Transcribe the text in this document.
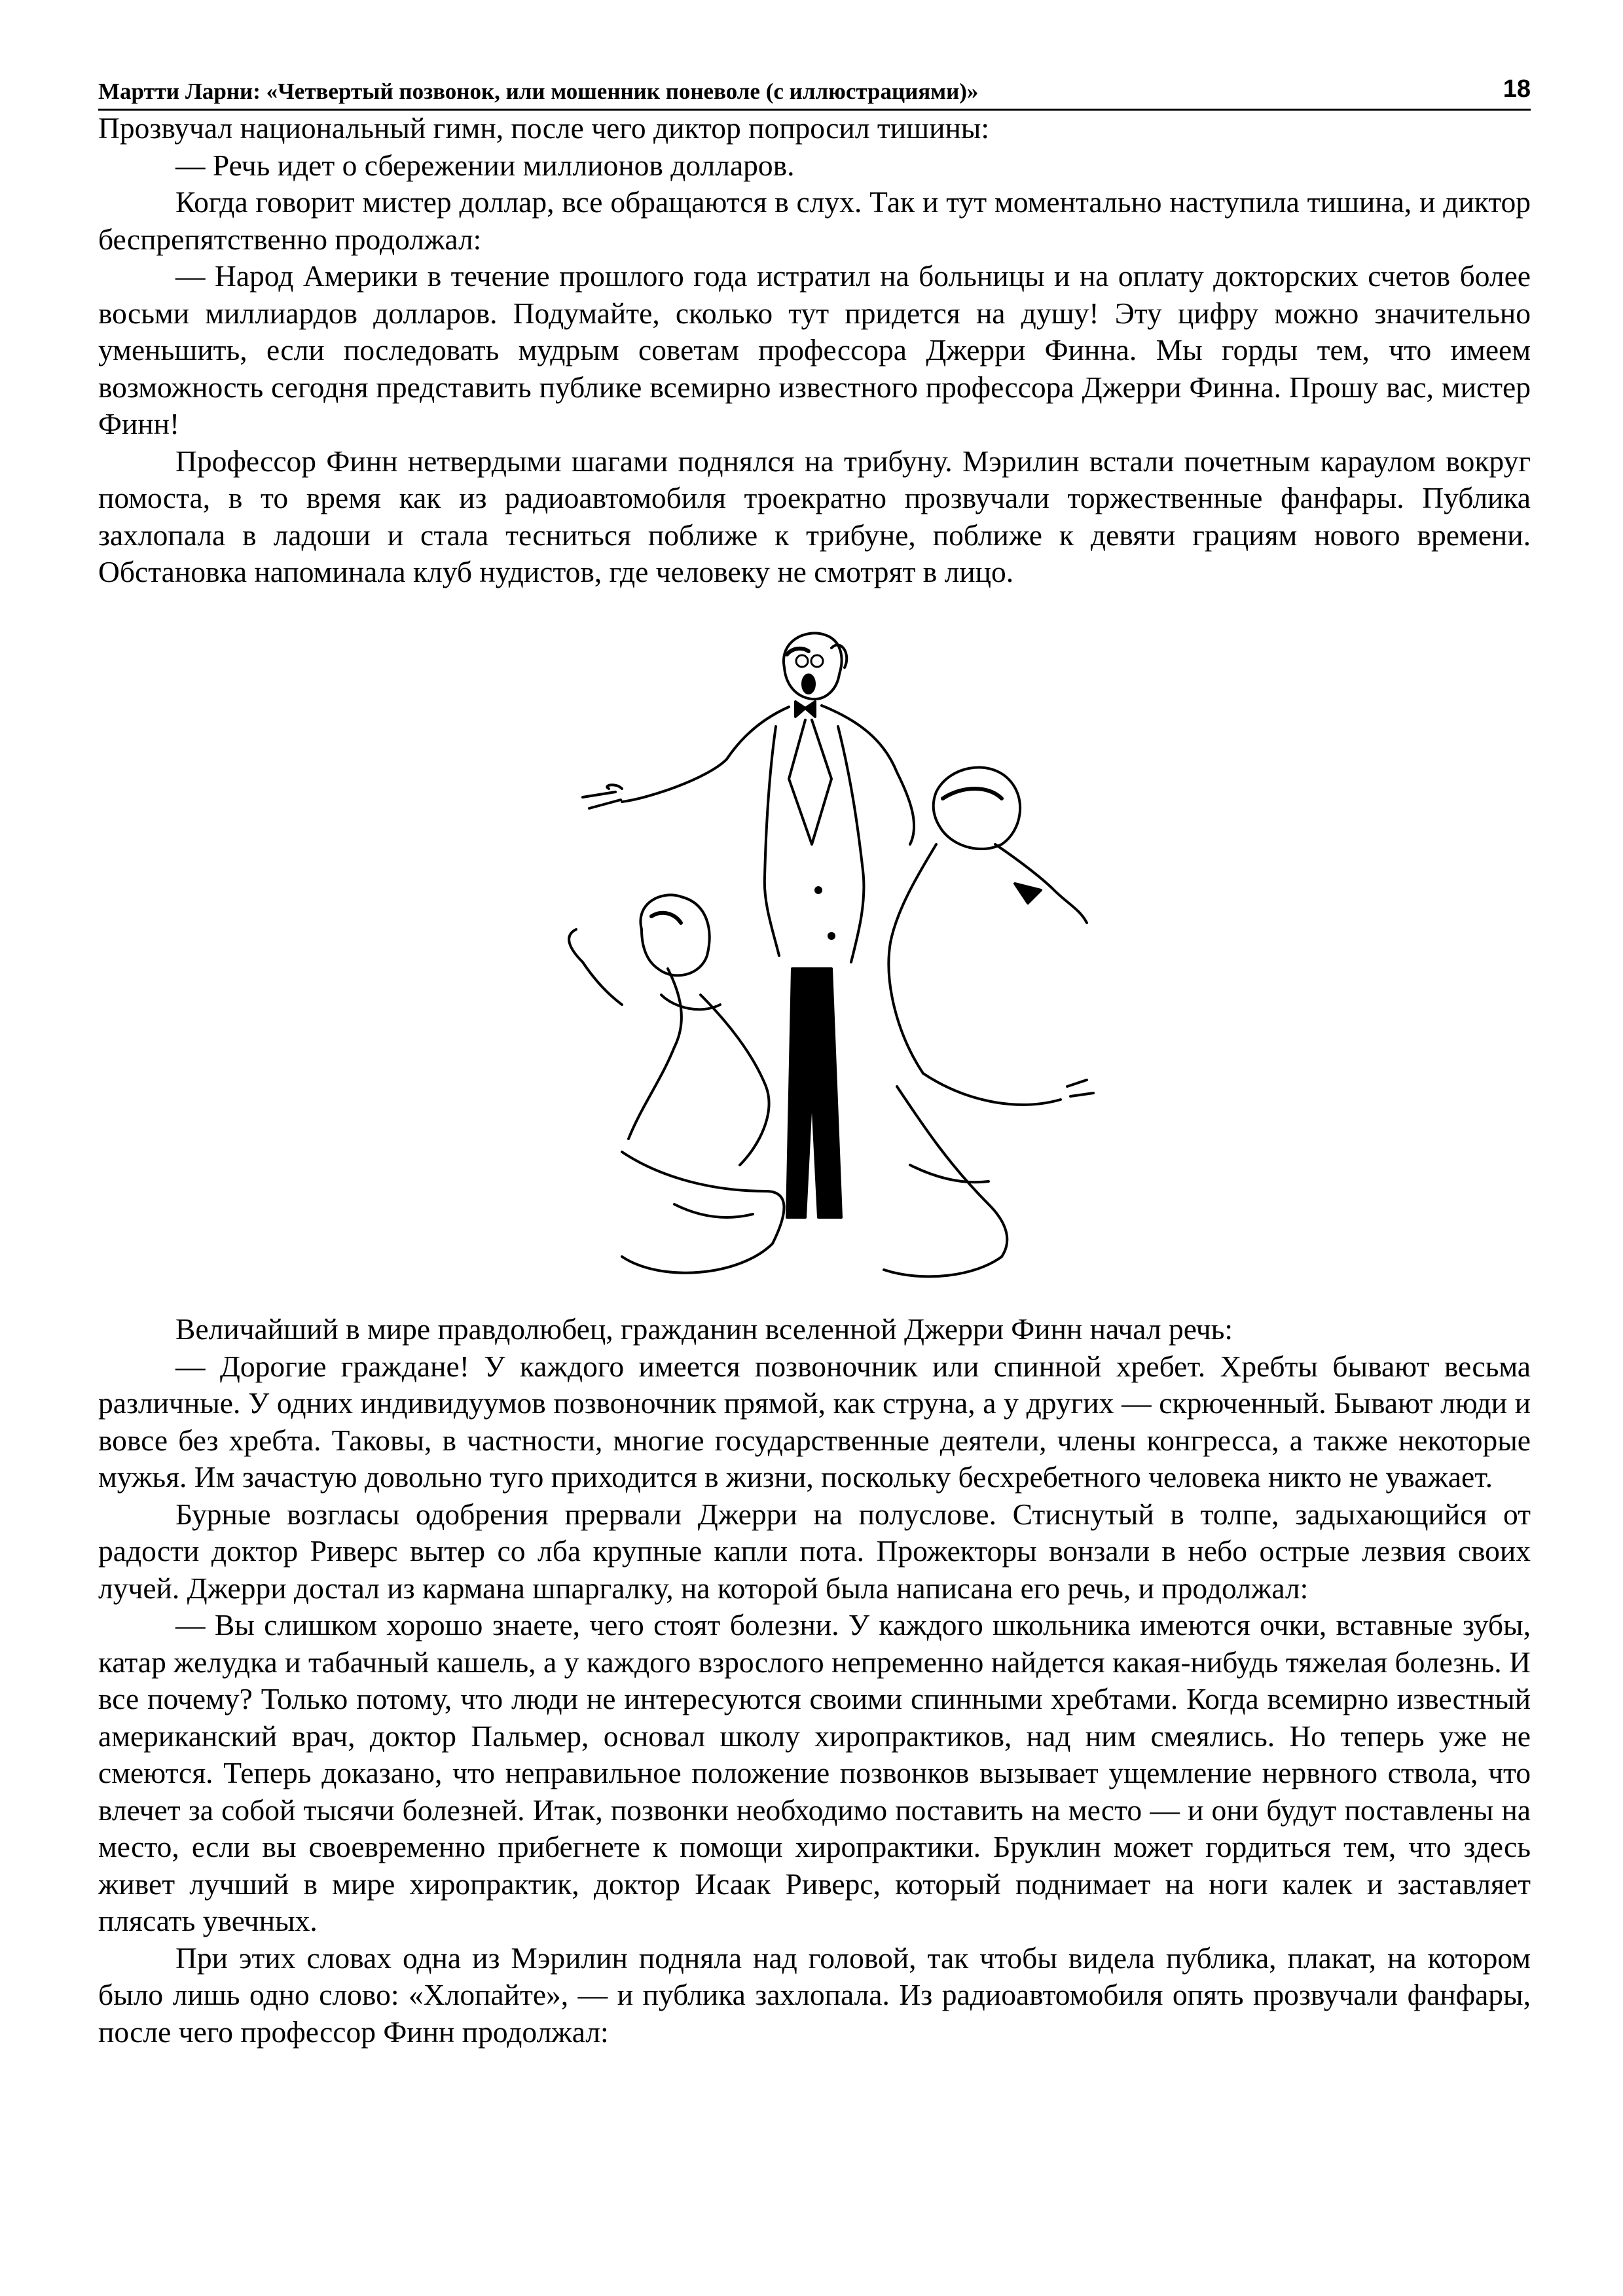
Мартти Ларни: «Четвертый позвонок, или мошенник поневоле (с иллюстрациями)»	18

Прозвучал национальный гимн, после чего диктор попросил тишины:

— Речь идет о сбережении миллионов долларов.

Когда говорит мистер доллар, все обращаются в слух. Так и тут моментально наступила тишина, и диктор беспрепятственно продолжал:

— Народ Америки в течение прошлого года истратил на больницы и на оплату докторских счетов более восьми миллиардов долларов. Подумайте, сколько тут придется на душу! Эту цифру можно значительно уменьшить, если последовать мудрым советам профессора Джерри Финна. Мы горды тем, что имеем возможность сегодня представить публике всемирно известного профессора Джерри Финна. Прошу вас, мистер Финн!

Профессор Финн нетвердыми шагами поднялся на трибуну. Мэрилин встали почетным караулом вокруг помоста, в то время как из радиоавтомобиля троекратно прозвучали торжественные фанфары. Публика захлопала в ладоши и стала тесниться поближе к трибуне, поближе к девяти грациям нового времени. Обстановка напоминала клуб нудистов, где человеку не смотрят в лицо.

Величайший в мире правдолюбец, гражданин вселенной Джерри Финн начал речь:

— Дорогие граждане! У каждого имеется позвоночник или спинной хребет. Хребты бывают весьма различные. У одних индивидуумов позвоночник прямой, как струна, а у других — скрюченный. Бывают люди и вовсе без хребта. Таковы, в частности, многие государственные деятели, члены конгресса, а также некоторые мужья. Им зачастую довольно туго приходится в жизни, поскольку бесхребетного человека никто не уважает.

Бурные возгласы одобрения прервали Джерри на полуслове. Стиснутый в толпе, задыхающийся от радости доктор Риверс вытер со лба крупные капли пота. Прожекторы вонзали в небо острые лезвия своих лучей. Джерри достал из кармана шпаргалку, на которой была написана его речь, и продолжал:

— Вы слишком хорошо знаете, чего стоят болезни. У каждого школьника имеются очки, вставные зубы, катар желудка и табачный кашель, а у каждого взрослого непременно найдется какая-нибудь тяжелая болезнь. И все почему? Только потому, что люди не интересуются своими спинными хребтами. Когда всемирно известный американский врач, доктор Пальмер, основал школу хиропрактиков, над ним смеялись. Но теперь уже не смеются. Теперь доказано, что неправильное положение позвонков вызывает ущемление нервного ствола, что влечет за собой тысячи болезней. Итак, позвонки необходимо поставить на место — и они будут поставлены на место, если вы своевременно прибегнете к помощи хиропрактики. Бруклин может гордиться тем, что здесь живет лучший в мире хиропрактик, доктор Исаак Риверс, который поднимает на ноги калек и заставляет плясать увечных.

При этих словах одна из Мэрилин подняла над головой, так чтобы видела публика, плакат, на котором было лишь одно слово: «Хлопайте», — и публика захлопала. Из радиоавтомобиля опять прозвучали фанфары, после чего профессор Финн продолжал:
